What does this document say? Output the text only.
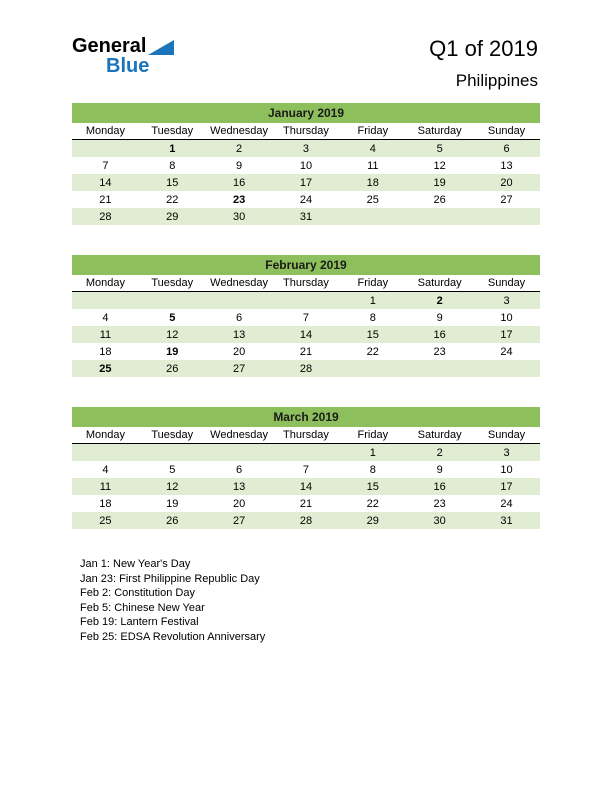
General
Blue
Q1 of 2019
Philippines
January 2019
Monday	Tuesday	Wednesday	Thursday	Friday	Saturday	Sunday
	1	2	3	4	5	6
7	8	9	10	11	12	13
14	15	16	17	18	19	20
21	22	23	24	25	26	27
28	29	30	31			
February 2019
Monday	Tuesday	Wednesday	Thursday	Friday	Saturday	Sunday
				1	2	3
4	5	6	7	8	9	10
11	12	13	14	15	16	17
18	19	20	21	22	23	24
25	26	27	28			
March 2019
Monday	Tuesday	Wednesday	Thursday	Friday	Saturday	Sunday
				1	2	3
4	5	6	7	8	9	10
11	12	13	14	15	16	17
18	19	20	21	22	23	24
25	26	27	28	29	30	31
Jan 1: New Year's Day
Jan 23: First Philippine Republic Day
Feb 2: Constitution Day
Feb 5: Chinese New Year
Feb 19: Lantern Festival
Feb 25: EDSA Revolution Anniversary
